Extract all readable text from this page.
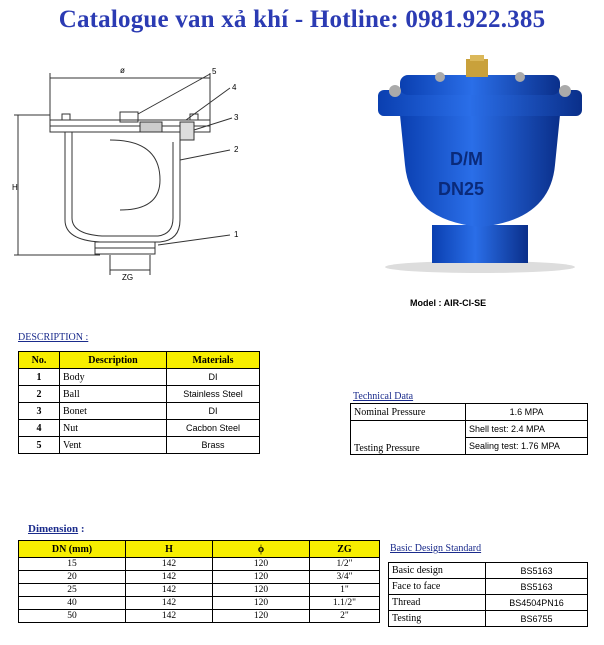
Catalogue van xả khí - Hotline: 0981.922.385
ø
H
ZG
1
2
3
4
5
D/M
DN25
Model : AIR-CI-SE
DESCRIPTION :
No.	Description	Materials
1	Body	DI
2	Ball	Stainless Steel
3	Bonet	DI
4	Nut	Cacbon Steel
5	Vent	Brass
Technical Data
Nominal Pressure	1.6 MPA
Testing Pressure	Shell test: 2.4 MPA
	Sealing test: 1.76 MPA
Dimension :
DN (mm)	H	ϕ	ZG
15	142	120	1/2"
20	142	120	3/4"
25	142	120	1"
40	142	120	1.1/2"
50	142	120	2"
Basic Design Standard
Basic design	BS5163
Face to face	BS5163
Thread	BS4504PN16
Testing	BS6755
